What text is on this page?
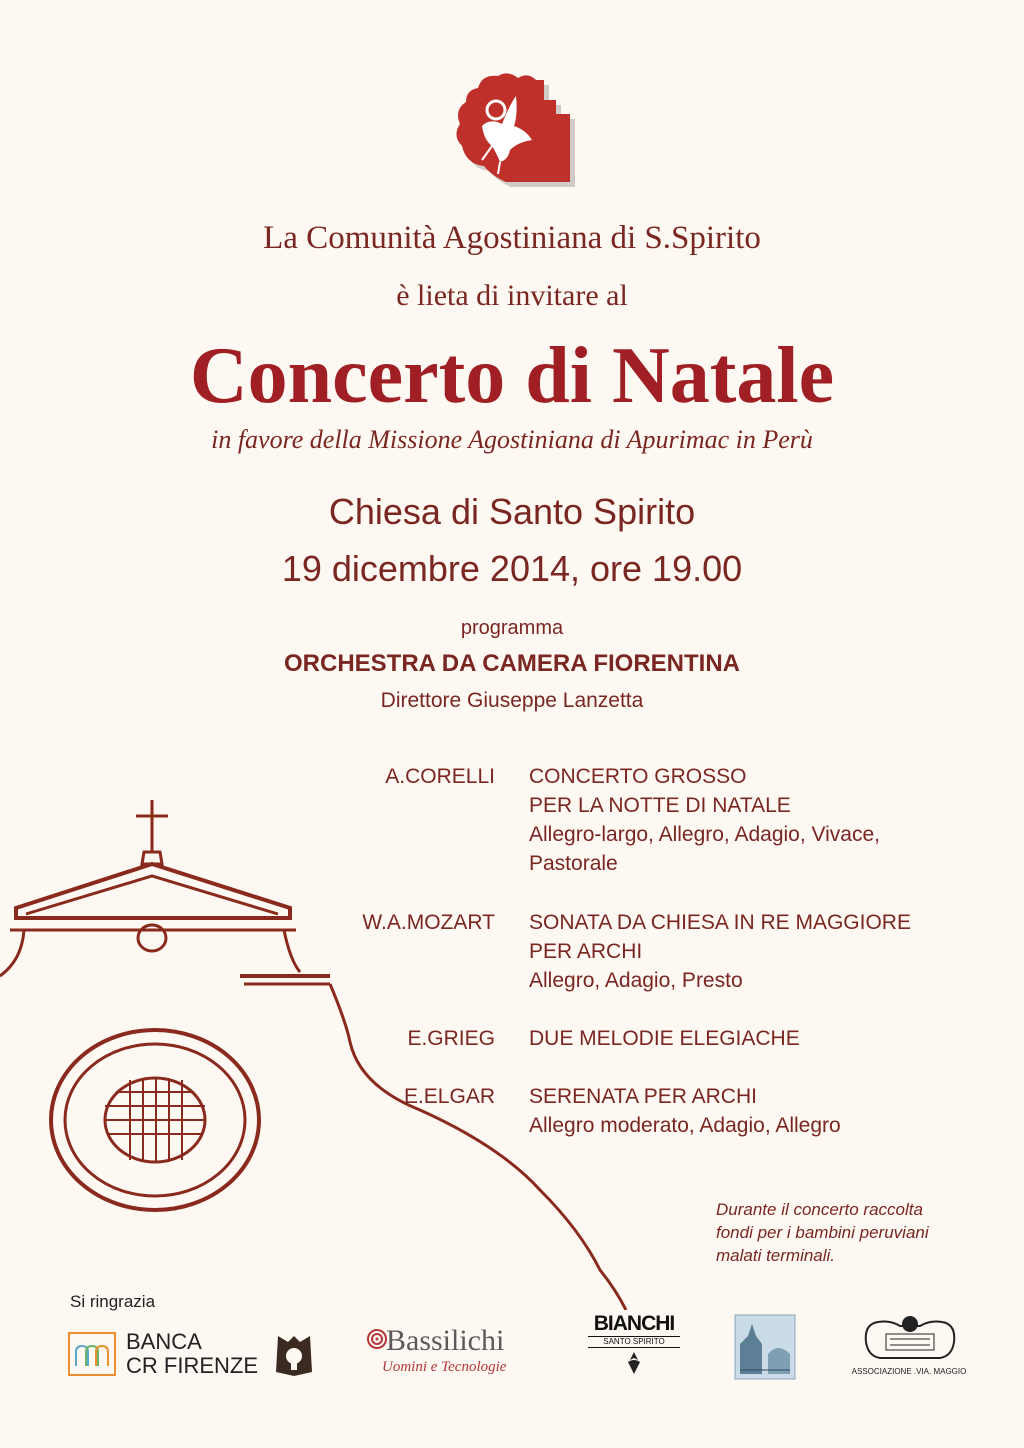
La Comunità Agostiniana di S.Spirito
è lieta di invitare al
Concerto di Natale
in favore della Missione Agostiniana di Apurimac in Perù
Chiesa di Santo Spirito
19 dicembre 2014, ore 19.00
programma
ORCHESTRA DA CAMERA FIORENTINA
Direttore Giuseppe Lanzetta
A.CORELLI CONCERTO GROSSO
PER LA NOTTE DI NATALE
Allegro-largo, Allegro, Adagio, Vivace,
Pastorale
W.A.MOZART SONATA DA CHIESA IN RE MAGGIORE
PER ARCHI
Allegro, Adagio, Presto
E.GRIEG DUE MELODIE ELEGIACHE
E.ELGAR SERENATA PER ARCHI
Allegro moderato, Adagio, Allegro
Durante il concerto raccolta
fondi per i bambini peruviani
malati terminali.
Si ringrazia
BANCA
CR FIRENZE
Bassilichi
Uomini e Tecnologie
BIANCHI
SANTO SPIRITO
ASSOCIAZIONE .VIA. MAGGIO
